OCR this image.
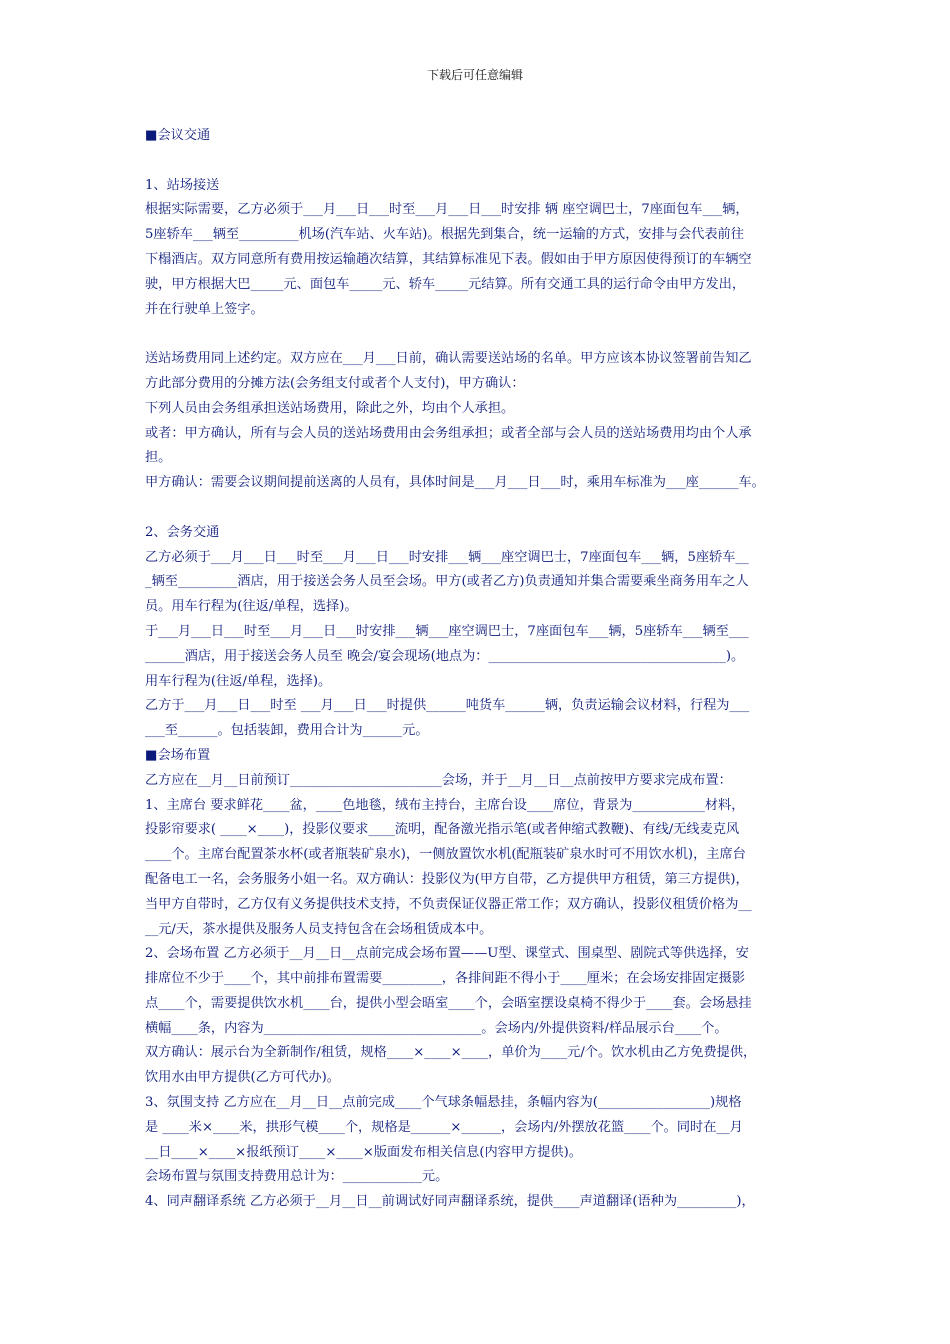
下载后可任意编辑
■会议交通
1、站场接送
根据实际需要，乙方必须于___月___日___时至___月___日___时安排 辆 座空调巴士，7座面包车___辆，
5座轿车___辆至_________机场(汽车站、火车站)。根据先到集合，统一运输的方式，安排与会代表前往
下榻酒店。双方同意所有费用按运输趟次结算，其结算标准见下表。假如由于甲方原因使得预订的车辆空
驶，甲方根据大巴_____元、面包车_____元、轿车_____元结算。所有交通工具的运行命令由甲方发出，
并在行驶单上签字。
送站场费用同上述约定。双方应在___月___日前，确认需要送站场的名单。甲方应该本协议签署前告知乙
方此部分费用的分摊方法(会务组支付或者个人支付)，甲方确认：
下列人员由会务组承担送站场费用，除此之外，均由个人承担。
或者：甲方确认，所有与会人员的送站场费用由会务组承担；或者全部与会人员的送站场费用均由个人承
担。
甲方确认：需要会议期间提前送离的人员有，具体时间是___月___日___时，乘用车标准为___座______车。
2、会务交通
乙方必须于___月___日___时至___月___日___时安排___辆___座空调巴士，7座面包车___辆，5座轿车__
_辆至_________酒店，用于接送会务人员至会场。甲方(或者乙方)负责通知并集合需要乘坐商务用车之人
员。用车行程为(往返/单程，选择)。
于___月___日___时至___月___日___时安排___辆___座空调巴士，7座面包车___辆，5座轿车___辆至___
______酒店，用于接送会务人员至 晚会/宴会现场(地点为：____________________________________)。
用车行程为(往返/单程，选择)。
乙方于___月___日___时至 ___月___日___时提供______吨货车______辆，负责运输会议材料，行程为___
___至______。包括装卸，费用合计为______元。
■会场布置
乙方应在__月__日前预订_______________________会场，并于__月__日__点前按甲方要求完成布置：
1、主席台 要求鲜花____盆，____色地毯，绒布主持台，主席台设____席位，背景为___________材料，
投影帘要求( ____×____)，投影仪要求____流明，配备激光指示笔(或者伸缩式教鞭)、有线/无线麦克风
____个。主席台配置茶水杯(或者瓶装矿泉水)，一侧放置饮水机(配瓶装矿泉水时可不用饮水机)，主席台
配备电工一名，会务服务小姐一名。双方确认：投影仪为(甲方自带，乙方提供甲方租赁，第三方提供)，
当甲方自带时，乙方仅有义务提供技术支持，不负责保证仪器正常工作；双方确认，投影仪租赁价格为__
__元/天，茶水提供及服务人员支持包含在会场租赁成本中。
2、会场布置 乙方必须于__月__日__点前完成会场布置——U型、课堂式、围桌型、剧院式等供选择，安
排席位不少于____个，其中前排布置需要_________，各排间距不得小于____厘米；在会场安排固定摄影
点____个，需要提供饮水机____台，提供小型会晤室____个，会晤室摆设桌椅不得少于____套。会场悬挂
横幅____条，内容为_________________________________。会场内/外提供资料/样品展示台____个。
双方确认：展示台为全新制作/租赁，规格____×____×____，单价为____元/个。饮水机由乙方免费提供，
饮用水由甲方提供(乙方可代办)。
3、氛围支持 乙方应在__月__日__点前完成____个气球条幅悬挂，条幅内容为(_________________)规格
是 ____米×____米，拱形气模____个，规格是______×______，会场内/外摆放花篮____个。同时在__月
__日____×____×报纸预订____×____×版面发布相关信息(内容甲方提供)。
会场布置与氛围支持费用总计为：____________元。
4、同声翻译系统 乙方必须于__月__日__前调试好同声翻译系统，提供____声道翻译(语种为_________)，
